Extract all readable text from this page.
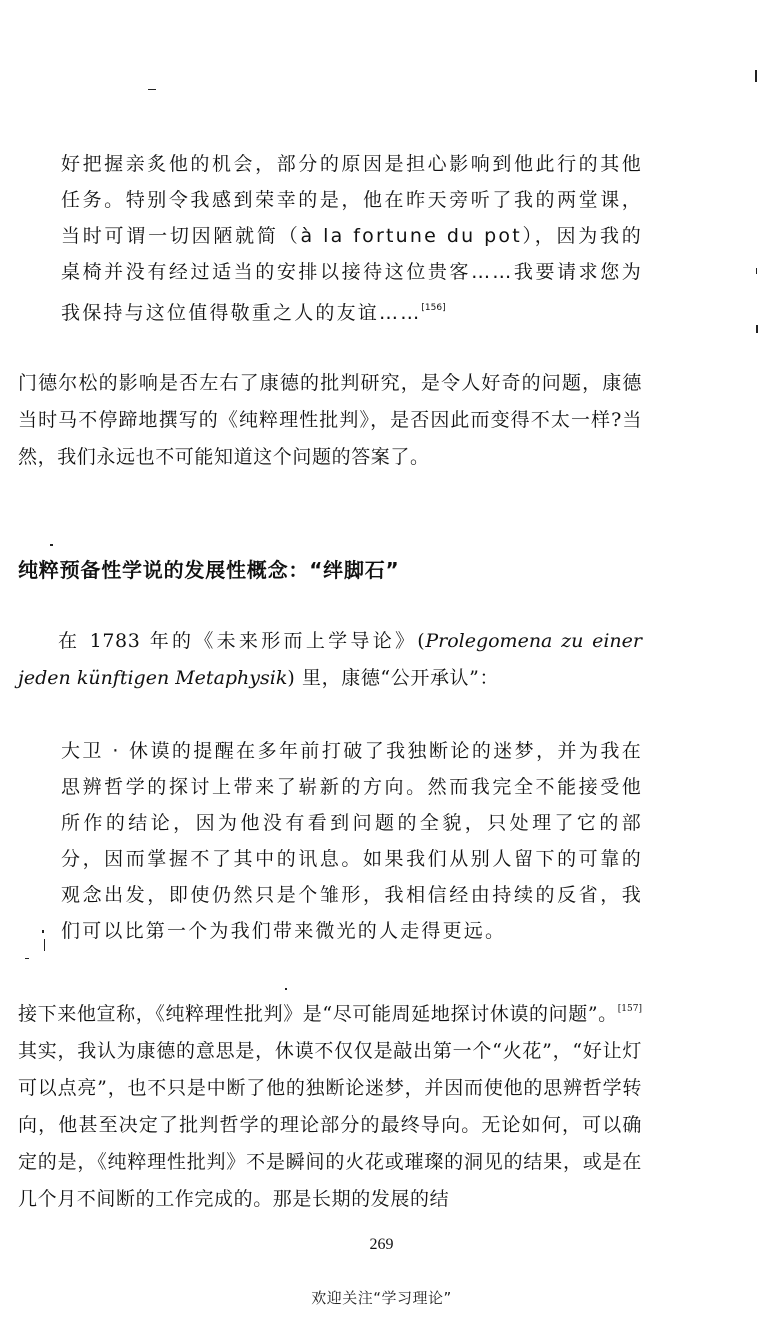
好把握亲炙他的机会，部分的原因是担心影响到他此行的其他任务。特别令我感到荣幸的是，他在昨天旁听了我的两堂课，当时可谓一切因陋就简（à la fortune du pot），因为我的桌椅并没有经过适当的安排以接待这位贵客……我要请求您为我保持与这位值得敬重之人的友谊……[156]

门德尔松的影响是否左右了康德的批判研究，是令人好奇的问题，康德当时马不停蹄地撰写的《纯粹理性批判》，是否因此而变得不太一样?当然，我们永远也不可能知道这个问题的答案了。

纯粹预备性学说的发展性概念：“绊脚石”

在 1783 年的《未来形而上学导论》(Prolegomena zu einer jeden künftigen Metaphysik) 里，康德“公开承认”：

大卫 · 休谟的提醒在多年前打破了我独断论的迷梦，并为我在思辨哲学的探讨上带来了崭新的方向。然而我完全不能接受他所作的结论，因为他没有看到问题的全貌，只处理了它的部分，因而掌握不了其中的讯息。如果我们从别人留下的可靠的观念出发，即使仍然只是个雏形，我相信经由持续的反省，我们可以比第一个为我们带来微光的人走得更远。

接下来他宣称，《纯粹理性批判》是“尽可能周延地探讨休谟的问题”。[157]其实，我认为康德的意思是，休谟不仅仅是敲出第一个“火花”，“好让灯可以点亮”，也不只是中断了他的独断论迷梦，并因而使他的思辨哲学转向，他甚至决定了批判哲学的理论部分的最终导向。无论如何，可以确定的是，《纯粹理性批判》不是瞬间的火花或璀璨的洞见的结果，或是在几个月不间断的工作完成的。那是长期的发展的结

269
欢迎关注“学习理论”
